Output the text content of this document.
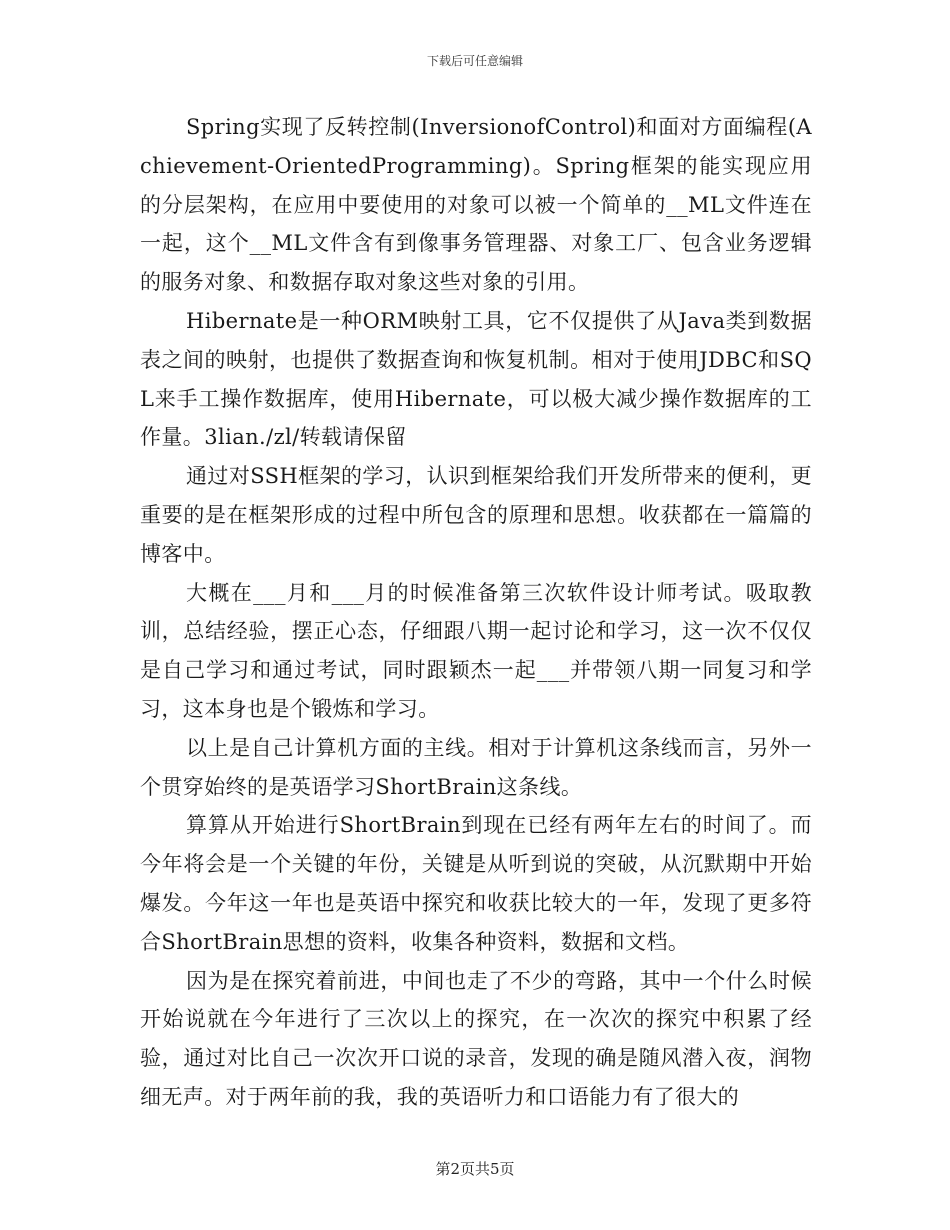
下载后可任意编辑

Spring实现了反转控制(InversionofControl)和面对方面编程(Achievement-OrientedProgramming)。Spring框架的能实现应用的分层架构，在应用中要使用的对象可以被一个简单的__ML文件连在一起，这个__ML文件含有到像事务管理器、对象工厂、包含业务逻辑的服务对象、和数据存取对象这些对象的引用。

Hibernate是一种ORM映射工具，它不仅提供了从Java类到数据表之间的映射，也提供了数据查询和恢复机制。相对于使用JDBC和SQL来手工操作数据库，使用Hibernate，可以极大减少操作数据库的工作量。3lian./zl/转载请保留

通过对SSH框架的学习，认识到框架给我们开发所带来的便利，更重要的是在框架形成的过程中所包含的原理和思想。收获都在一篇篇的博客中。

大概在___月和___月的时候准备第三次软件设计师考试。吸取教训，总结经验，摆正心态，仔细跟八期一起讨论和学习，这一次不仅仅是自己学习和通过考试，同时跟颖杰一起___并带领八期一同复习和学习，这本身也是个锻炼和学习。

以上是自己计算机方面的主线。相对于计算机这条线而言，另外一个贯穿始终的是英语学习ShortBrain这条线。

算算从开始进行ShortBrain到现在已经有两年左右的时间了。而今年将会是一个关键的年份，关键是从听到说的突破，从沉默期中开始爆发。今年这一年也是英语中探究和收获比较大的一年，发现了更多符合ShortBrain思想的资料，收集各种资料，数据和文档。

因为是在探究着前进，中间也走了不少的弯路，其中一个什么时候开始说就在今年进行了三次以上的探究，在一次次的探究中积累了经验，通过对比自己一次次开口说的录音，发现的确是随风潜入夜，润物细无声。对于两年前的我，我的英语听力和口语能力有了很大的

第2页共5页
